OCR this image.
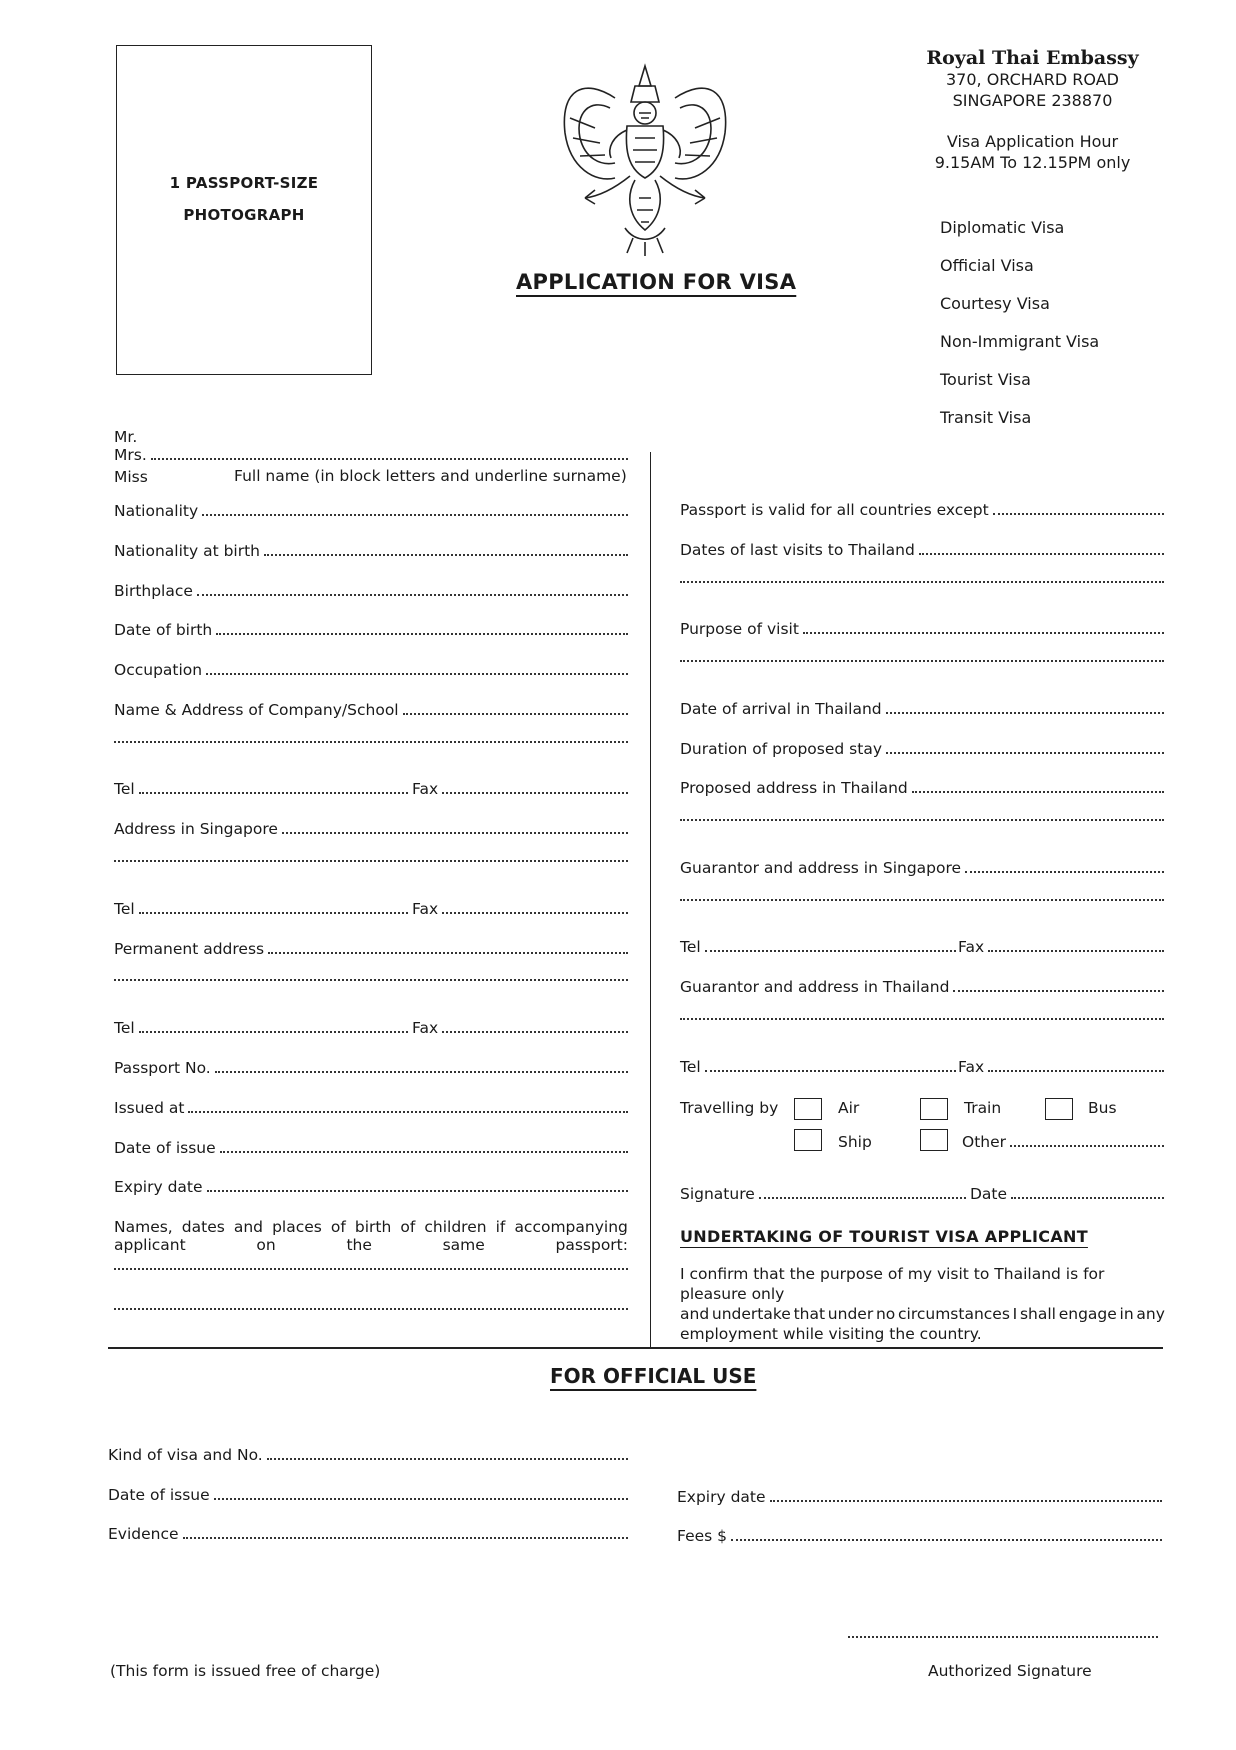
1 PASSPORT-SIZE
PHOTOGRAPH
APPLICATION FOR VISA
Royal Thai Embassy
370, ORCHARD ROAD
SINGAPORE 238870
Visa Application Hour
9.15AM To 12.15PM only
Diplomatic Visa
Official Visa
Courtesy Visa
Non-Immigrant Visa
Tourist Visa
Transit Visa
Mr.
Mrs.
Miss	Full name (in block letters and underline surname)
Nationality
Nationality at birth
Birthplace
Date of birth
Occupation
Name & Address of Company/School
Tel	Fax
Address in Singapore
Tel	Fax
Permanent address
Tel	Fax
Passport No.
Issued at
Date of issue
Expiry date
Names, dates and places of birth of children if accompanying
applicant	on	the	same	passport:
Passport is valid for all countries except
Dates of last visits to Thailand
Purpose of visit
Date of arrival in Thailand
Duration of proposed stay
Proposed address in Thailand
Guarantor and address in Singapore
Tel	Fax
Guarantor and address in Thailand
Tel	Fax
Travelling by	Air	Train	Bus
Ship	Other
Signature	Date
UNDERTAKING OF TOURIST VISA APPLICANT
I confirm that the purpose of my visit to Thailand is for pleasure only
and undertake that under no circumstances I shall engage in any
employment while visiting the country.
FOR OFFICIAL USE
Kind of visa and No.
Date of issue
Evidence
Expiry date
Fees $
(This form is issued free of charge)	Authorized Signature
